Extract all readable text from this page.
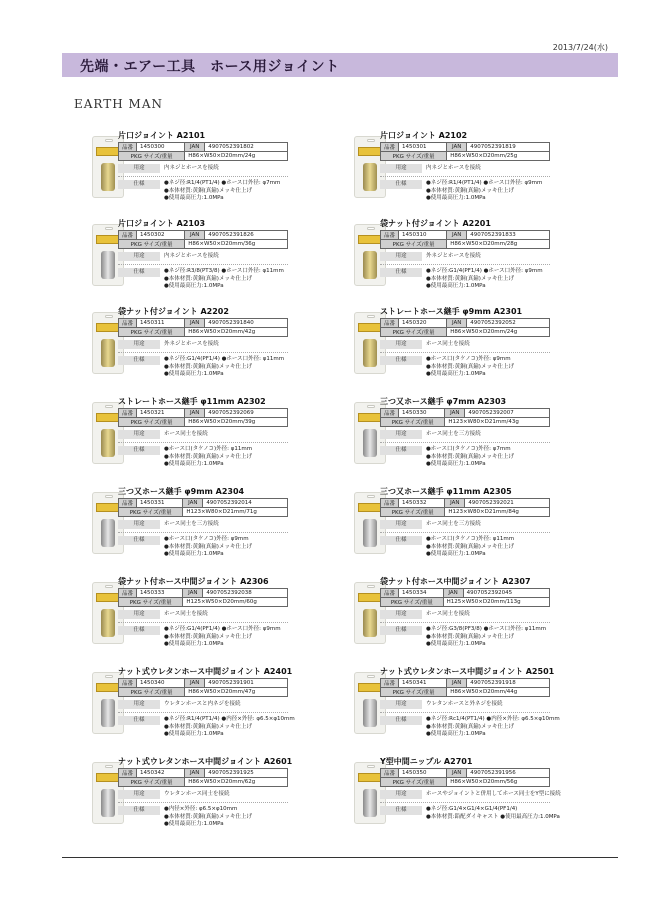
2013/7/24(水)
先端・エアー工具　ホース用ジョイント
EARTH MAN
片口ジョイント A2101
品番	1450300	JAN	4907052391802
PKG サイズ/重量		H86×W50×D20mm/24g	
用途	内ネジとホースを接続
仕様	●ネジ径:R1/4(PT1/4) ●ホース口外径: φ7mm
●本体材質:黄銅(真鍮)メッキ仕上げ
●使用最高圧力:1.0MPa
片口ジョイント A2102
品番	1450301	JAN	4907052391819
PKG サイズ/重量		H86×W50×D20mm/25g	
用途	内ネジとホースを接続
仕様	●ネジ径:R1/4(PT1/4) ●ホース口外径: φ9mm
●本体材質:黄銅(真鍮)メッキ仕上げ
●使用最高圧力:1.0MPa
片口ジョイント A2103
品番	1450302	JAN	4907052391826
PKG サイズ/重量		H86×W50×D20mm/36g	
用途	内ネジとホースを接続
仕様	●ネジ径:R3/8(PT3/8) ●ホース口外径: φ11mm
●本体材質:黄銅(真鍮)メッキ仕上げ
●使用最高圧力:1.0MPa
袋ナット付ジョイント A2201
品番	1450310	JAN	4907052391833
PKG サイズ/重量		H86×W50×D20mm/28g	
用途	外ネジとホースを接続
仕様	●ネジ径:G1/4(PF1/4) ●ホース口外径: φ9mm
●本体材質:黄銅(真鍮)メッキ仕上げ
●使用最高圧力:1.0MPa
袋ナット付ジョイント A2202
品番	1450311	JAN	4907052391840
PKG サイズ/重量		H86×W50×D20mm/42g	
用途	外ネジとホースを接続
仕様	●ネジ径:G1/4(PF1/4) ●ホース口外径: φ11mm
●本体材質:黄銅(真鍮)メッキ仕上げ
●使用最高圧力:1.0MPa
ストレートホース継手 φ9mm A2301
品番	1450320	JAN	4907052392052
PKG サイズ/重量		H86×W50×D20mm/24g	
用途	ホース同士を接続
仕様	●ホース口(タケノコ)外径: φ9mm
●本体材質:黄銅(真鍮)メッキ仕上げ
●使用最高圧力:1.0MPa
ストレートホース継手 φ11mm A2302
品番	1450321	JAN	4907052392069
PKG サイズ/重量		H86×W50×D20mm/39g	
用途	ホース同士を接続
仕様	●ホース口(タケノコ)外径: φ11mm
●本体材質:黄銅(真鍮)メッキ仕上げ
●使用最高圧力:1.0MPa
三つ又ホース継手 φ7mm A2303
品番	1450330	JAN	4907052392007
PKG サイズ/重量		H123×W80×D21mm/43g	
用途	ホース同士を三方接続
仕様	●ホース口(タケノコ)外径: φ7mm
●本体材質:黄銅(真鍮)メッキ仕上げ
●使用最高圧力:1.0MPa
三つ又ホース継手 φ9mm A2304
品番	1450331	JAN	4907052392014
PKG サイズ/重量		H123×W80×D21mm/71g	
用途	ホース同士を三方接続
仕様	●ホース口(タケノコ)外径: φ9mm
●本体材質:黄銅(真鍮)メッキ仕上げ
●使用最高圧力:1.0MPa
三つ又ホース継手 φ11mm A2305
品番	1450332	JAN	4907052392021
PKG サイズ/重量		H123×W80×D21mm/84g	
用途	ホース同士を三方接続
仕様	●ホース口(タケノコ)外径: φ11mm
●本体材質:黄銅(真鍮)メッキ仕上げ
●使用最高圧力:1.0MPa
袋ナット付ホース中間ジョイント A2306
品番	1450333	JAN	4907052392038
PKG サイズ/重量		H125×W50×D20mm/60g	
用途	ホース同士を接続
仕様	●ネジ径:G1/4(PF1/4) ●ホース口外径: φ9mm
●本体材質:黄銅(真鍮)メッキ仕上げ
●使用最高圧力:1.0MPa
袋ナット付ホース中間ジョイント A2307
品番	1450334	JAN	4907052392045
PKG サイズ/重量		H125×W50×D20mm/113g	
用途	ホース同士を接続
仕様	●ネジ径:G3/8(PF3/8) ●ホース口外径: φ11mm
●本体材質:黄銅(真鍮)メッキ仕上げ
●使用最高圧力:1.0MPa
ナット式ウレタンホース中間ジョイント A2401
品番	1450340	JAN	4907052391901
PKG サイズ/重量		H86×W50×D20mm/47g	
用途	ウレタンホースと内ネジを接続
仕様	●ネジ径:R1/4(PT1/4) ●内径×外径: φ6.5×φ10mm
●本体材質:黄銅(真鍮)メッキ仕上げ
●使用最高圧力:1.0MPa
ナット式ウレタンホース中間ジョイント A2501
品番	1450341	JAN	4907052391918
PKG サイズ/重量		H86×W50×D20mm/44g	
用途	ウレタンホースと外ネジを接続
仕様	●ネジ径:Rc1/4(PT1/4) ●内径×外径: φ6.5×φ10mm
●本体材質:黄銅(真鍮)メッキ仕上げ
●使用最高圧力:1.0MPa
ナット式ウレタンホース中間ジョイント A2601
品番	1450342	JAN	4907052391925
PKG サイズ/重量		H86×W50×D20mm/62g	
用途	ウレタンホース同士を接続
仕様	●内径×外径: φ6.5×φ10mm
●本体材質:黄銅(真鍮)メッキ仕上げ
●使用最高圧力:1.0MPa
Y型中間ニップル A2701
品番	1450350	JAN	4907052391956
PKG サイズ/重量		H86×W50×D20mm/56g	
用途	ホースやジョイントと併用してホース同士をY型に接続
仕様	●ネジ径:G1/4×G1/4×G1/4(PF1/4)
●本体材質:鉛配ダイキャスト ●使用最高圧力:1.0MPa
